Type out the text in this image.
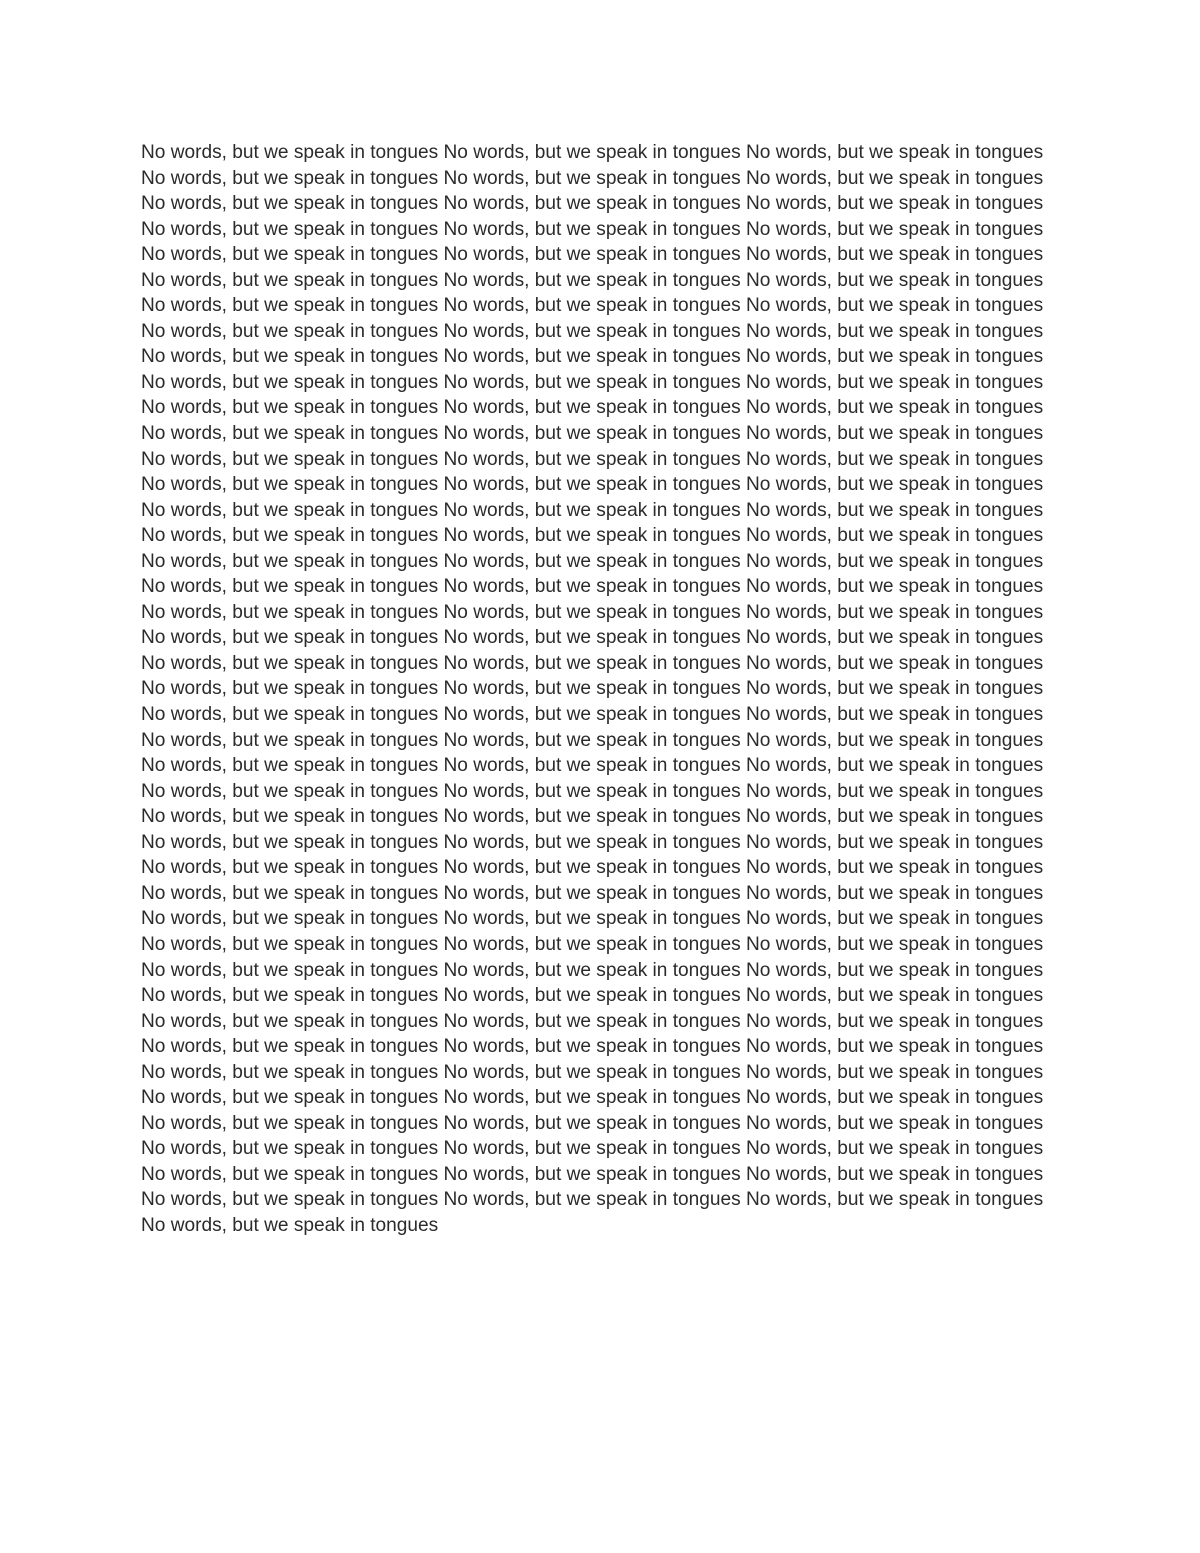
No words, but we speak in tongues No words, but we speak in tongues No words, but we speak in tongues No words, but we speak in tongues No words, but we speak in tongues No words, but we speak in tongues No words, but we speak in tongues No words, but we speak in tongues No words, but we speak in tongues No words, but we speak in tongues No words, but we speak in tongues No words, but we speak in tongues No words, but we speak in tongues No words, but we speak in tongues No words, but we speak in tongues No words, but we speak in tongues No words, but we speak in tongues No words, but we speak in tongues No words, but we speak in tongues No words, but we speak in tongues No words, but we speak in tongues No words, but we speak in tongues No words, but we speak in tongues No words, but we speak in tongues No words, but we speak in tongues No words, but we speak in tongues No words, but we speak in tongues No words, but we speak in tongues No words, but we speak in tongues No words, but we speak in tongues No words, but we speak in tongues No words, but we speak in tongues No words, but we speak in tongues No words, but we speak in tongues No words, but we speak in tongues No words, but we speak in tongues No words, but we speak in tongues No words, but we speak in tongues No words, but we speak in tongues No words, but we speak in tongues No words, but we speak in tongues No words, but we speak in tongues No words, but we speak in tongues No words, but we speak in tongues No words, but we speak in tongues No words, but we speak in tongues No words, but we speak in tongues No words, but we speak in tongues No words, but we speak in tongues No words, but we speak in tongues No words, but we speak in tongues No words, but we speak in tongues No words, but we speak in tongues No words, but we speak in tongues No words, but we speak in tongues No words, but we speak in tongues No words, but we speak in tongues No words, but we speak in tongues No words, but we speak in tongues No words, but we speak in tongues No words, but we speak in tongues No words, but we speak in tongues No words, but we speak in tongues No words, but we speak in tongues No words, but we speak in tongues No words, but we speak in tongues No words, but we speak in tongues No words, but we speak in tongues No words, but we speak in tongues No words, but we speak in tongues No words, but we speak in tongues No words, but we speak in tongues No words, but we speak in tongues No words, but we speak in tongues No words, but we speak in tongues No words, but we speak in tongues No words, but we speak in tongues No words, but we speak in tongues No words, but we speak in tongues No words, but we speak in tongues No words, but we speak in tongues No words, but we speak in tongues No words, but we speak in tongues No words, but we speak in tongues No words, but we speak in tongues No words, but we speak in tongues No words, but we speak in tongues No words, but we speak in tongues No words, but we speak in tongues No words, but we speak in tongues No words, but we speak in tongues No words, but we speak in tongues No words, but we speak in tongues No words, but we speak in tongues No words, but we speak in tongues No words, but we speak in tongues No words, but we speak in tongues No words, but we speak in tongues No words, but we speak in tongues No words, but we speak in tongues No words, but we speak in tongues No words, but we speak in tongues No words, but we speak in tongues No words, but we speak in tongues No words, but we speak in tongues No words, but we speak in tongues No words, but we speak in tongues No words, but we speak in tongues No words, but we speak in tongues No words, but we speak in tongues No words, but we speak in tongues No words, but we speak in tongues No words, but we speak in tongues No words, but we speak in tongues No words, but we speak in tongues No words, but we speak in tongues No words, but we speak in tongues No words, but we speak in tongues No words, but we speak in tongues No words, but we speak in tongues No words, but we speak in tongues No words, but we speak in tongues No words, but we speak in tongues No words, but we speak in tongues No words, but we speak in tongues No words, but we speak in tongues No words, but we speak in tongues
